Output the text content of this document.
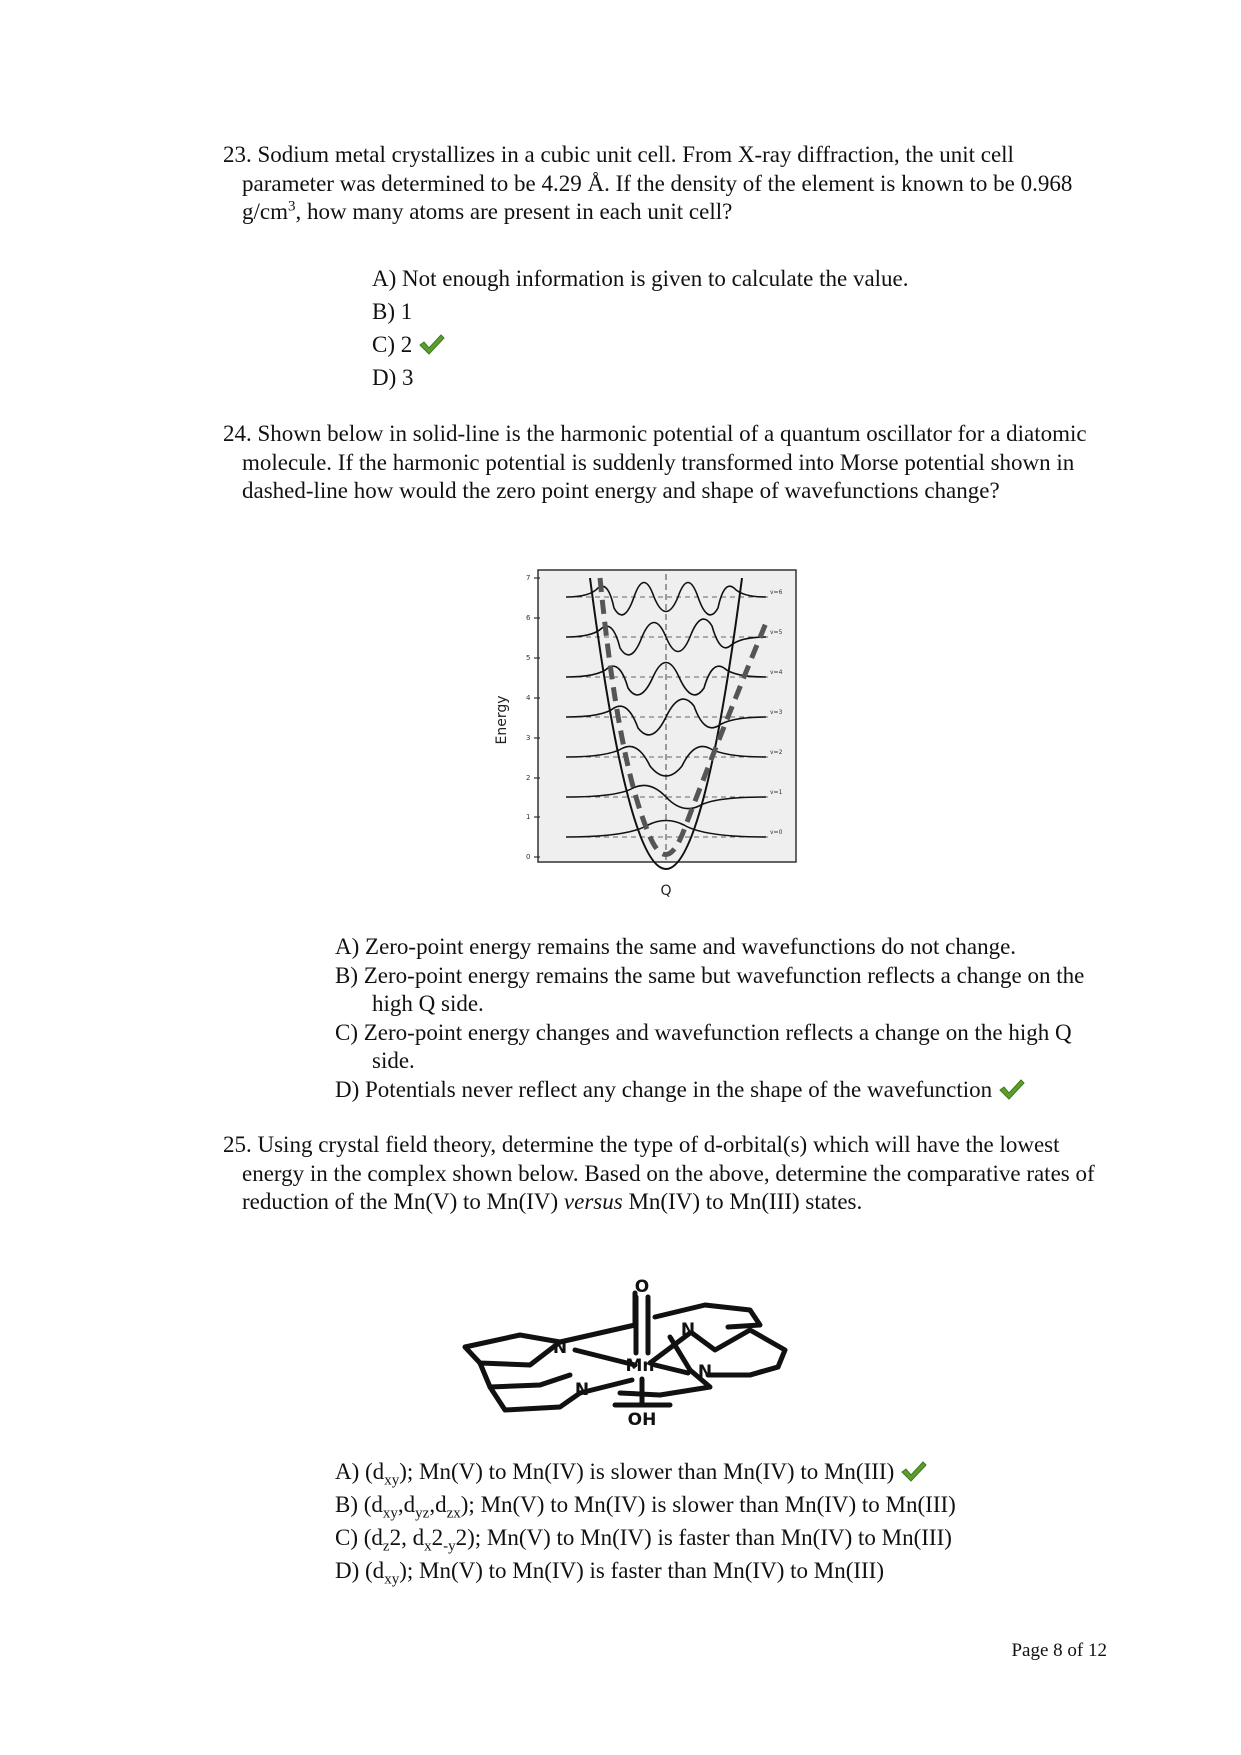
23. Sodium metal crystallizes in a cubic unit cell. From X-ray diffraction, the unit cell parameter was determined to be 4.29 Å. If the density of the element is known to be 0.968 $g/cm^3$, how many atoms are present in each unit cell?

A) Not enough information is given to calculate the value.
B) 1
C) 2
D) 3

24. Shown below in solid-line is the harmonic potential of a quantum oscillator for a diatomic molecule. If the harmonic potential is suddenly transformed into Morse potential shown in dashed-line how would the zero point energy and shape of wavefunctions change?

0
1
2
3
4
5
6
7
v=0
v=1
v=2
v=3
v=4
v=5
v=6
Energy
Q
A) Zero-point energy remains the same and wavefunctions do not change.
B) Zero-point energy remains the same but wavefunction reflects a change on the high Q side.
C) Zero-point energy changes and wavefunction reflects a change on the high Q side.
D) Potentials never reflect any change in the shape of the wavefunction

25. Using crystal field theory, determine the type of d-orbital(s) which will have the lowest energy in the complex shown below. Based on the above, determine the comparative rates of reduction of the Mn(V) to Mn(IV) versus Mn(IV) to Mn(III) states.

O
N
N
Mn	N
N
OH
A) $(d_{xy})$; Mn(V) to Mn(IV) is slower than Mn(IV) to Mn(III)
B) $(d_{xy},d_{yz},d_{zx})$; Mn(V) to Mn(IV) is slower than Mn(IV) to Mn(III)
C) ($d_z2$, $d_x2_{-y}2$); Mn(V) to Mn(IV) is faster than Mn(IV) to Mn(III)
D) $(d_{xy})$; Mn(V) to Mn(IV) is faster than Mn(IV) to Mn(III)
Page 8 of 12
